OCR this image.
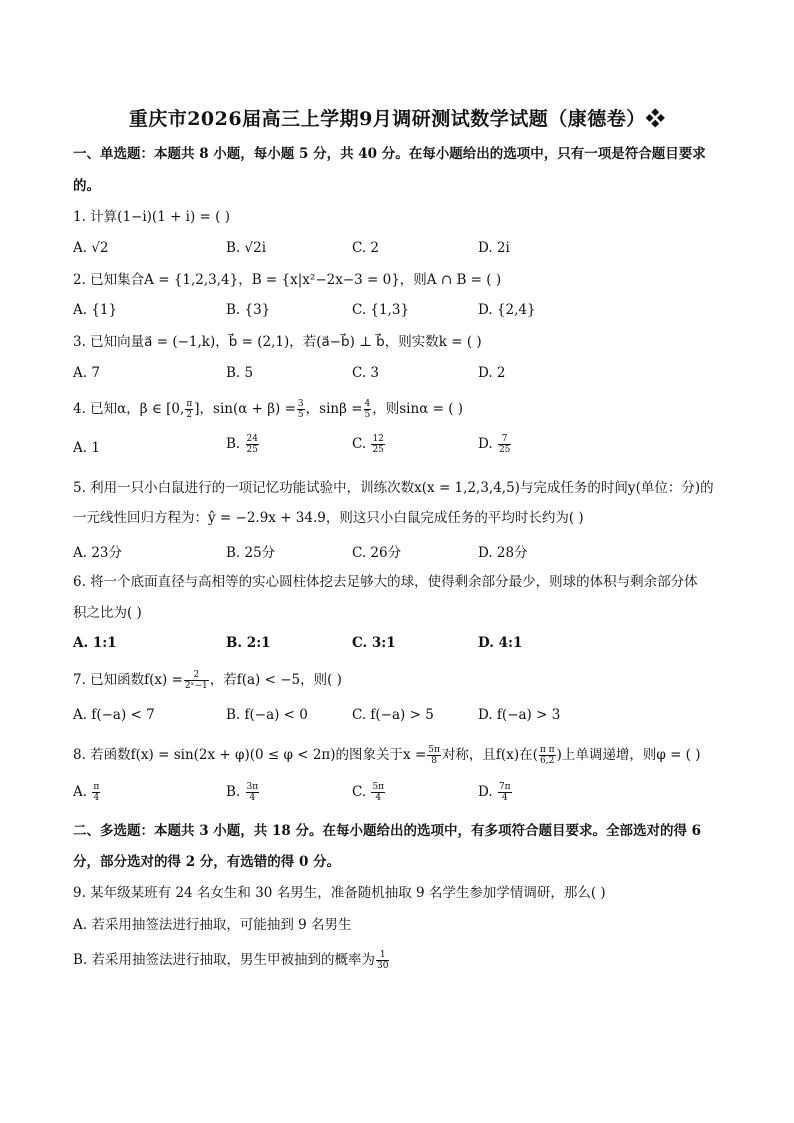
重庆市2026届高三上学期9月调研测试数学试题（康德卷）❖
一、单选题：本题共 8 小题，每小题 5 分，共 40 分。在每小题给出的选项中，只有一项是符合题目要求
的。
1. 计算(1−i)(1 + i) = ( )
A. √2	B. √2i	C. 2	D. 2i
2. 已知集合A = {1,2,3,4}，B = {x|x²−2x−3 = 0}，则A ∩ B = ( )
A. {1}	B. {3}	C. {1,3}	D. {2,4}
3. 已知向量a⃗ = (−1,k)，b⃗ = (2,1)，若(a⃗−b⃗) ⊥ b⃗，则实数k = ( )
A. 7	B. 5	C. 3	D. 2
4. 已知α，β ∈ [0, $\frac{\pi}{2}$ ]，$\sin(\alpha + \beta) = \frac{3}{5}$ ，$\sin\beta = \frac{4}{5}$ ，则sinα = ( )
A. 1	B. $\frac{24}{25}$	C. $\frac{12}{25}$	D. $\frac{7}{25}$
5. 利用一只小白鼠进行的一项记忆功能试验中，训练次数x(x = 1,2,3,4,5)与完成任务的时间y(单位：分)的
一元线性回归方程为：ŷ = −2.9x + 34.9，则这只小白鼠完成任务的平均时长约为( )
A. 23分	B. 25分	C. 26分	D. 28分
6. 将一个底面直径与高相等的实心圆柱体挖去足够大的球，使得剩余部分最少，则球的体积与剩余部分体
积之比为( )
A. 1:1	B. 2:1	C. 3:1	D. 4:1
7. 已知函数$f(x) = \frac{2}{\text{2ˣ−1}}$ ，若f(a) < −5，则( )
A. f(−a) < 7	B. f(−a) < 0	C. f(−a) > 5	D. f(−a) > 3
8. 若函数f(x) = sin(2x + φ)(0 ≤ φ < 2π)的图象关于$x = \frac{5\pi}{8}$ 对称，且f(x)在( $\frac{\text{π π}}{6,2}$ )上单调递增，则φ = ( )
A. $\frac{\pi}{4}$	B. $\frac{3\pi}{4}$	C. $\frac{5\pi}{4}$	D. $\frac{7\pi}{4}$
二、多选题：本题共 3 小题，共 18 分。在每小题给出的选项中，有多项符合题目要求。全部选对的得 6
分，部分选对的得 2 分，有选错的得 0 分。
9. 某年级某班有 24 名女生和 30 名男生，准备随机抽取 9 名学生参加学情调研，那么( )
A. 若采用抽签法进行抽取，可能抽到 9 名男生
B. 若采用抽签法进行抽取，男生甲被抽到的概率为 $\frac{1}{30}$
